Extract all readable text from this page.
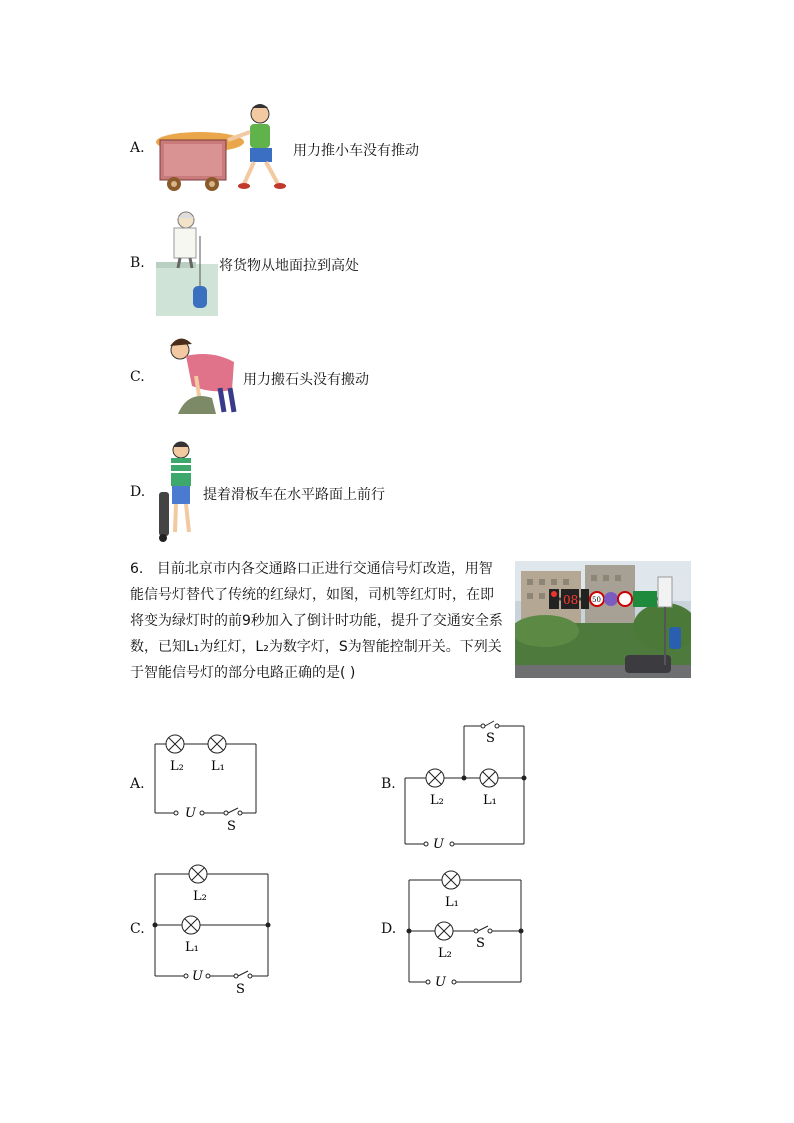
A.	用力推小车没有推动
B.	将货物从地面拉到高处
C.	用力搬石头没有搬动
D.	提着滑板车在水平路面上前行
6. 目前北京市内各交通路口正进行交通信号灯改造，用智
能信号灯替代了传统的红绿灯，如图，司机等红灯时，在即
将变为绿灯时的前9秒加入了倒计时功能，提升了交通安全系
数，已知L₁为红灯，L₂为数字灯，S为智能控制开关。下列关
于智能信号灯的部分电路正确的是( )
08 50
A.
L₂ L₁
U
S
B.
S
L₂	L₁
U
C.
L₂
L₁
U
S
D.
L₁
L₂
S
U
